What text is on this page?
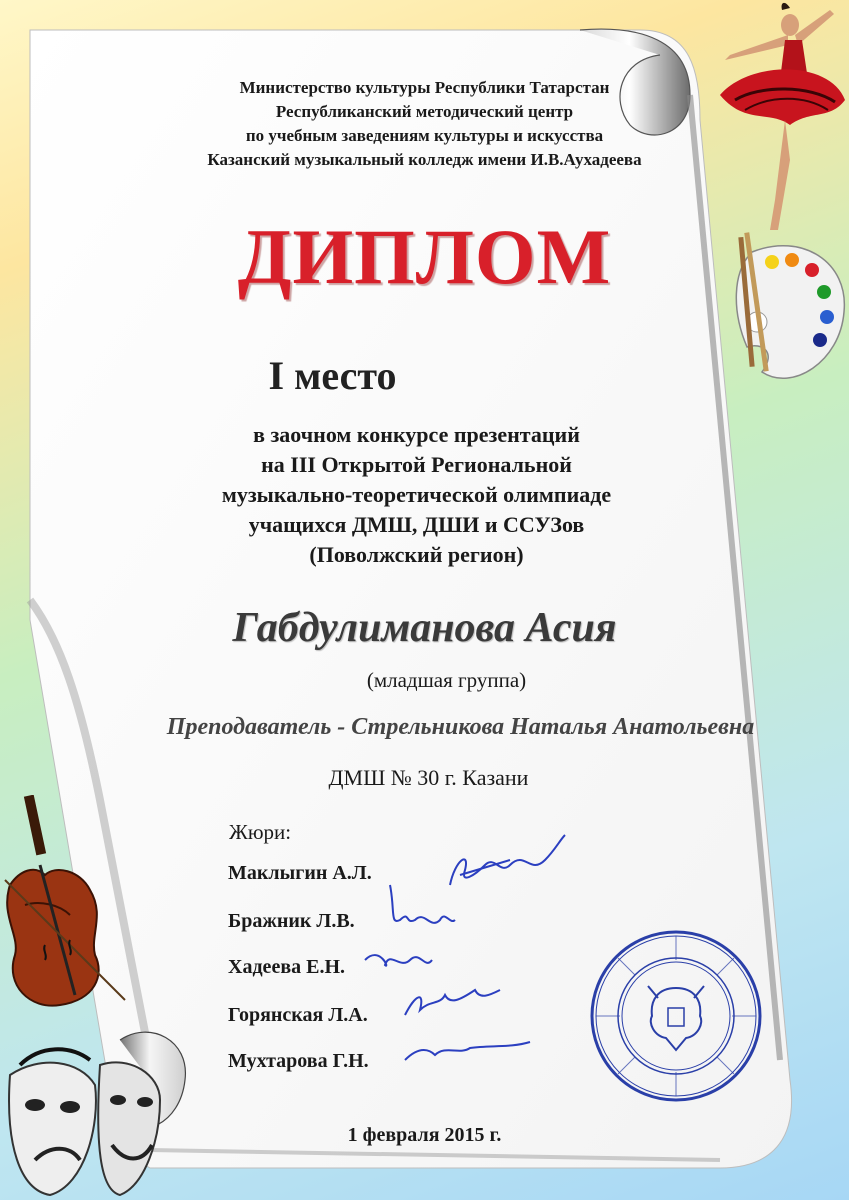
Министерство культуры Республики Татарстан
Республиканский методический центр
по учебным заведениям культуры и искусства
Казанский музыкальный колледж имени И.В.Аухадеева
ДИПЛОМ
I место
в заочном конкурсе презентаций
на III Открытой Региональной
музыкально-теоретической олимпиаде
учащихся ДМШ, ДШИ и ССУЗов
(Поволжский регион)
Габдулиманова Асия
(младшая группа)
Преподаватель - Стрельникова Наталья Анатольевна
ДМШ № 30 г. Казани
Жюри:
Маклыгин А.Л.
Бражник Л.В.
Хадеева Е.Н.
Горянская Л.А.
Мухтарова Г.Н.
1 февраля 2015 г.
